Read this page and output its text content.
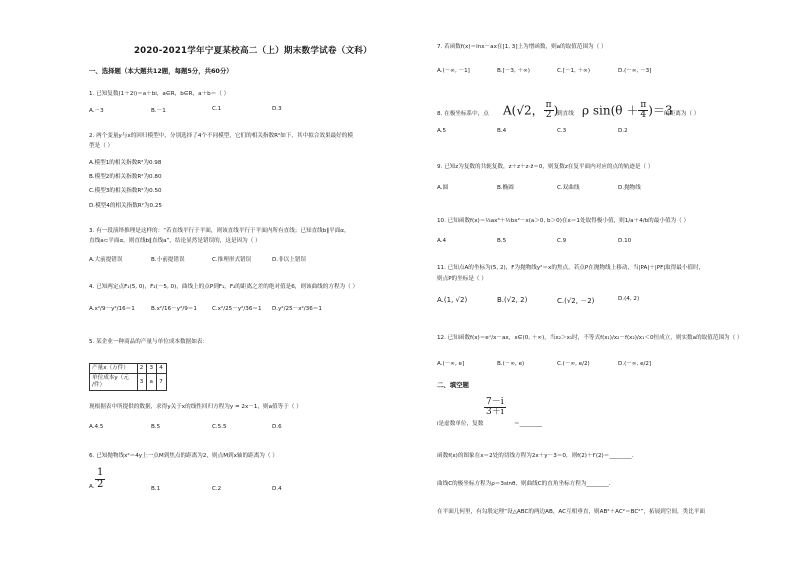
2020-2021学年宁夏某校高二（上）期末数学试卷（文科）
一、选择题（本大题共12题，每题5分，共60分）
1. 已知复数(1＋2i)＝a＋bi，a∈R，b∈R，a＋b＝（ ）
A.－3	B.－1	C.1	D.3
2. 两个变量y与x的回归模型中，分别选择了4个不同模型，它们的相关指数R²如下，其中拟合效果最好的模
型是（ ）
A.模型1的相关指数R²为0.98
B.模型2的相关指数R²为0.80
C.模型3的相关指数R²为0.50
D.模型4的相关指数R²为0.25
3. 有一段演绎推理是这样的：“若直线平行于平面，则该直线平行于平面内所有直线；已知直线b∥平面α，
直线a⊂平面α，则直线b∥直线a”，结论显然是错误的，这是因为（ ）
A.大前提错误	B.小前提错误	C.推理形式错误	D.非以上错误
4. 已知两定点F₁(5, 0)，F₂(－5, 0)，曲线上的点P到F₁，F₂的距离之差的绝对值是6，则该曲线的方程为（ ）
A.x²/9－y²/16＝1	B.x²/16－y²/9＝1	C.x²/25－y²/36＝1 D.y²/25－x²/36＝1
5. 某企业一种商品的产量与单位成本数据如表：
产量x（万件）	2	3	4
单位成本y（元
/件）	3	a	7
现根据表中所提供的数据，求得y关于x的线性回归方程为y = 2x－1，则a值等于（ ）
A.4.5	B.5	C.5.5	D.6
6. 已知抛物线x²＝4y上一点M到焦点的距离为2，则点M到x轴的距离为（ ）
A. $\frac{1}{2}$	B.1	C.2	D.4
7. 若函数f(x)＝lnx－ax在[1, 3]上为增函数，则a的取值范围为（ ）
A.(－∞, －1]	B.[－3, ＋∞)	C.[－1, ＋∞)	D.(－∞, －3]
8. 在极坐标系中，点 A(√2， $\frac{\pi}{2}$ )
到直线 ρ $\sin(\theta + \frac{\pi}{4} )=3$
的距离为（ ）
A.5	B.4	C.3	D.2
9. 已知z为复数的共轭复数，z＋z＋z·z̄＝0，则复数z在复平面内对应的点的轨迹是（ ）
A.圆	B.椭圆	C.双曲线	D.抛物线
10. 已知函数f(x)＝⅓ax³＋½bx²－x(a＞0, b＞0)在x＝1处取得极小值，则1/a＋4/b的最小值为（ ）
A.4	B.5	C.9	D.10
11. 已知点A的坐标为(5, 2)，F为抛物线y²＝x的焦点，若点P在抛物线上移动，当|PA|＋|PF|取得最小值时，
则点P的坐标是（ ）
A.(1, √2)	B.(√2, 2)	C.(√2, －2)	D.(4, 2)
12. 已知函数f(x)＝eˣ/x－ax，x∈(0, ＋∞)，当x₂＞x₁时，不等式f(x₁)/x₂－f(x₂)/x₁＜0恒成立，则实数a的取值范围为（ ）
A.(－∞, e]	B.(－∞, e)	C.(－∞, e/2)	D.(－∞, e/2]
二、填空题
$\frac{7-i}{3+i}$
i是虚数单位，复数	＝________
函数f(x)的图象在x＝2处的切线方程为2x＋y－3＝0，则f(2)＋f′(2)＝________．
曲线C的极坐标方程为ρ＝3sinθ，则曲线C的直角坐标方程为________．
在平面几何里，有勾股定理“设△ABC的两边AB，AC互相垂直，则AB²＋AC²＝BC²”，拓展到空间，类比平面
